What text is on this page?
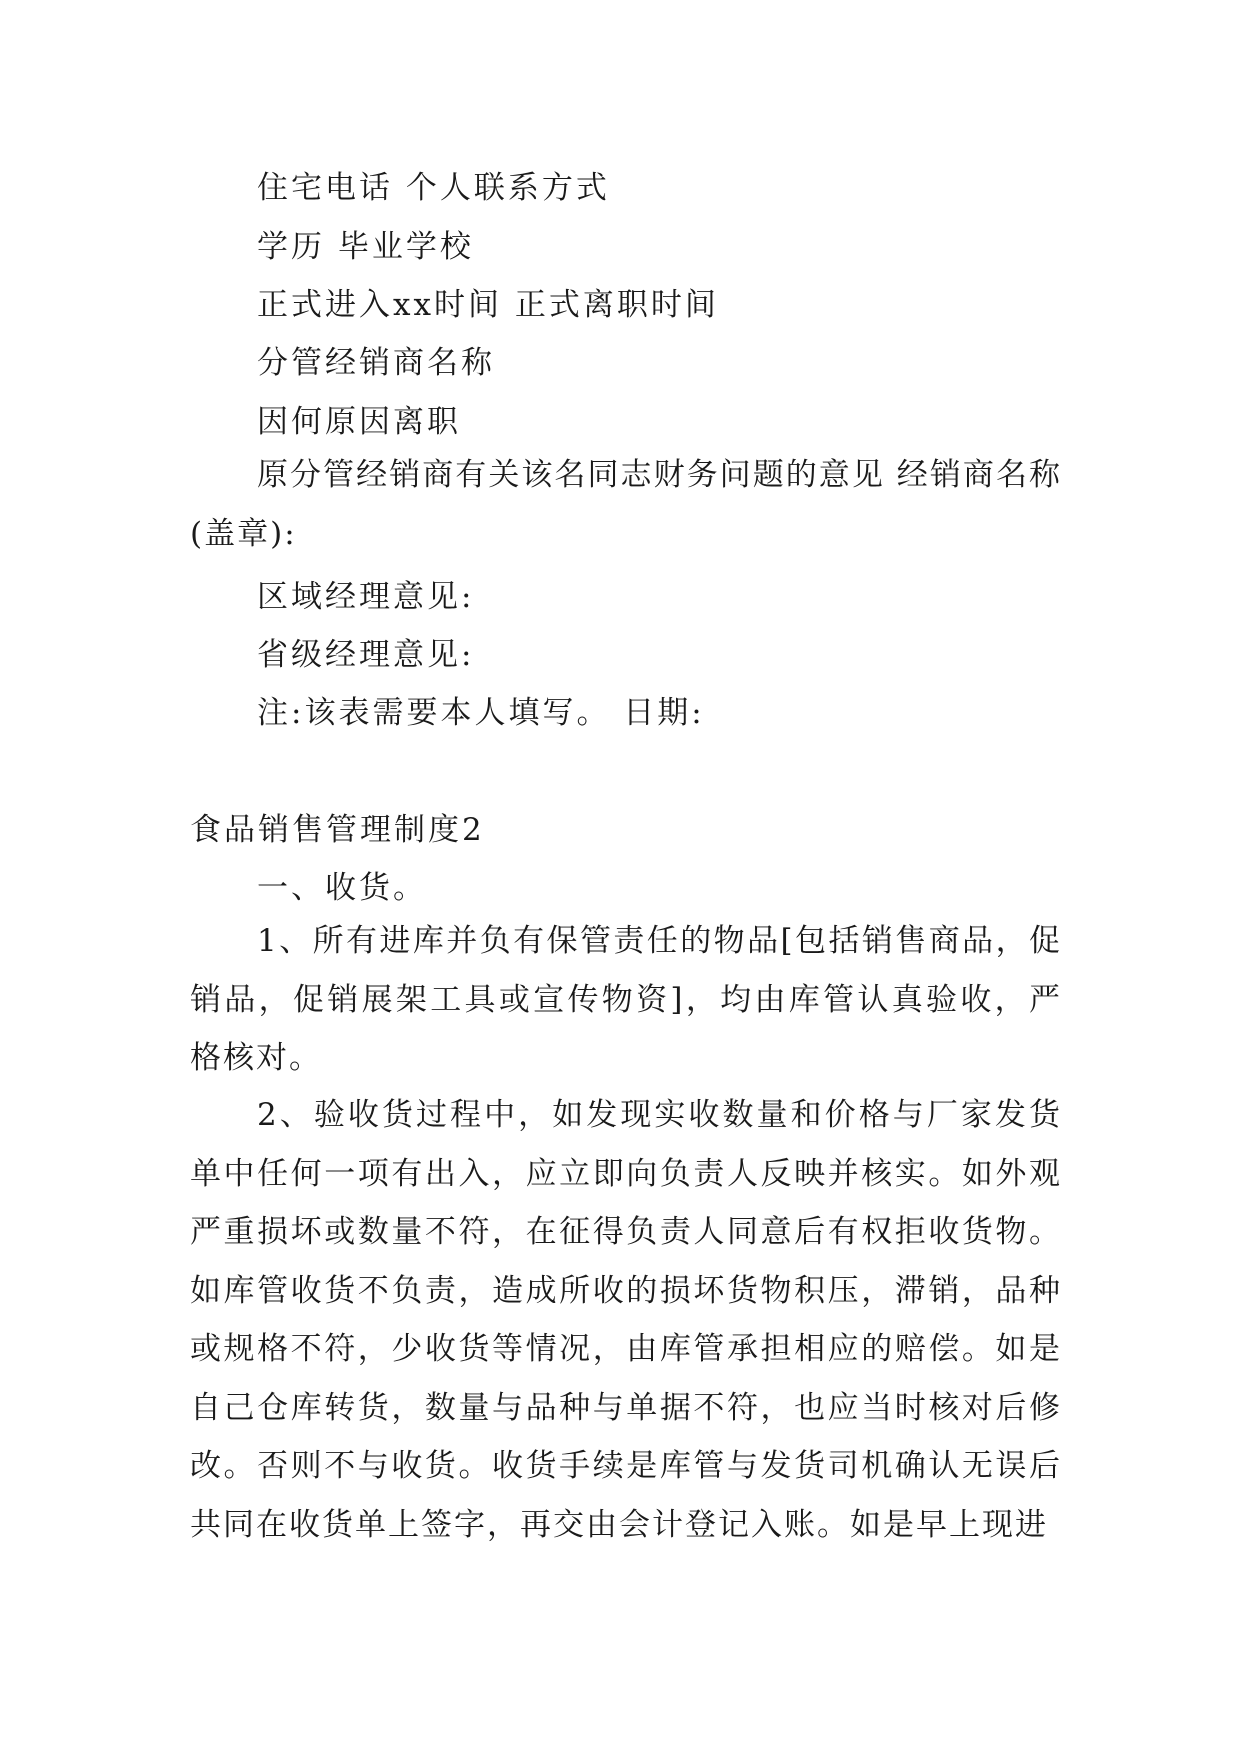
住宅电话 个人联系方式
学历 毕业学校
正式进入xx时间 正式离职时间
分管经销商名称
因何原因离职
原分管经销商有关该名同志财务问题的意见 经销商名称(盖章):
区域经理意见:
省级经理意见:
注:该表需要本人填写。 日期:
食品销售管理制度2
一、收货。
1、所有进库并负有保管责任的物品[包括销售商品，促销品，促销展架工具或宣传物资]，均由库管认真验收，严格核对。
2、验收货过程中，如发现实收数量和价格与厂家发货单中任何一项有出入，应立即向负责人反映并核实。如外观严重损坏或数量不符，在征得负责人同意后有权拒收货物。如库管收货不负责，造成所收的损坏货物积压，滞销，品种或规格不符，少收货等情况，由库管承担相应的赔偿。如是自己仓库转货，数量与品种与单据不符，也应当时核对后修改。否则不与收货。收货手续是库管与发货司机确认无误后共同在收货单上签字，再交由会计登记入账。如是早上现进
